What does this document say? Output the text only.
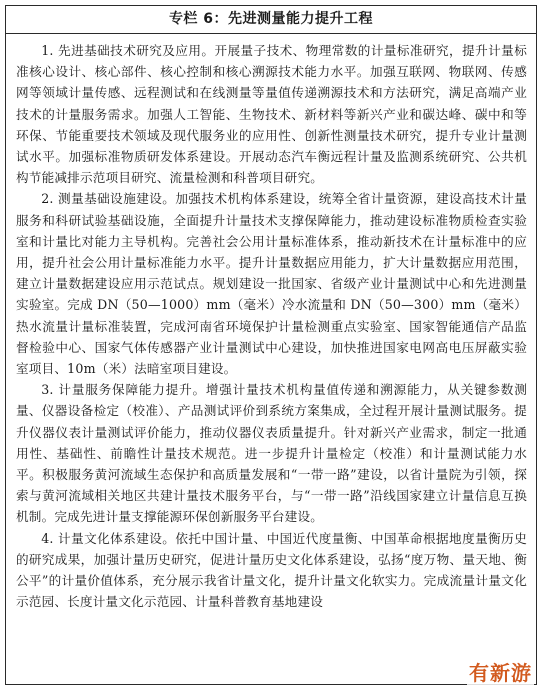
专栏 6：先进测量能力提升工程

1. 先进基础技术研究及应用。开展量子技术、物理常数的计量标准研究，提升计量标准核心设计、核心部件、核心控制和核心溯源技术能力水平。加强互联网、物联网、传感网等领域计量传感、远程测试和在线测量等量值传递溯源技术和方法研究，满足高端产业技术的计量服务需求。加强人工智能、生物技术、新材料等新兴产业和碳达峰、碳中和等环保、节能重要技术领域及现代服务业的应用性、创新性测量技术研究，提升专业计量测试水平。加强标准物质研发体系建设。开展动态汽车衡远程计量及监测系统研究、公共机构节能减排示范项目研究、流量检测和科普项目研究。

2. 测量基础设施建设。加强技术机构体系建设，统筹全省计量资源，建设高技术计量服务和科研试验基础设施，全面提升计量技术支撑保障能力，推动建设标准物质检查实验室和计量比对能力主导机构。完善社会公用计量标准体系，推动新技术在计量标准中的应用，提升社会公用计量标准能力水平。提升计量数据应用能力，扩大计量数据应用范围，建立计量数据建设应用示范试点。规划建设一批国家、省级产业计量测试中心和先进测量实验室。完成 DN（50—1000）mm（毫米）冷水流量和 DN（50—300）mm（毫米）热水流量计量标准装置，完成河南省环境保护计量检测重点实验室、国家智能通信产品监督检验中心、国家气体传感器产业计量测试中心建设，加快推进国家电网高电压屏蔽实验室项目、10m（米）法暗室项目建设。

3. 计量服务保障能力提升。增强计量技术机构量值传递和溯源能力，从关键参数测量、仪器设备检定（校准）、产品测试评价到系统方案集成，全过程开展计量测试服务。提升仪器仪表计量测试评价能力，推动仪器仪表质量提升。针对新兴产业需求，制定一批通用性、基础性、前瞻性计量技术规范。进一步提升计量检定（校准）和计量测试能力水平。积极服务黄河流域生态保护和高质量发展和“一带一路”建设，以省计量院为引领，探索与黄河流域相关地区共建计量技术服务平台，与“一带一路”沿线国家建立计量信息互换机制。完成先进计量支撑能源环保创新服务平台建设。

4. 计量文化体系建设。依托中国计量、中国近代度量衡、中国革命根据地度量衡历史的研究成果，加强计量历史研究，促进计量历史文化体系建设，弘扬“度万物、量天地、衡公平”的计量价值体系，充分展示我省计量文化，提升计量文化软实力。完成流量计量文化示范园、长度计量文化示范园、计量科普教育基地建设

有新游
